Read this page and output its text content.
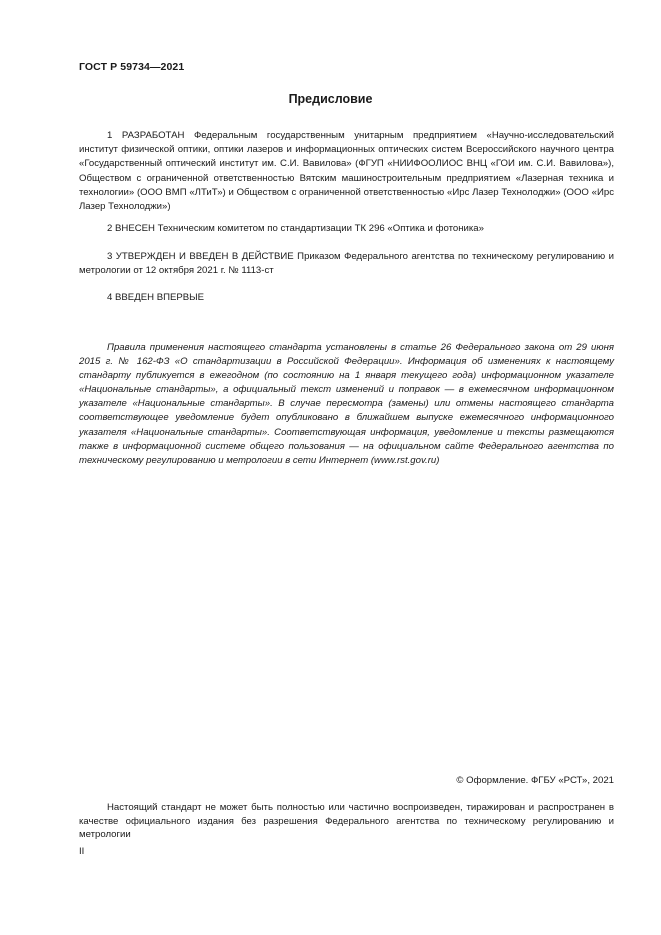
ГОСТ Р 59734—2021
Предисловие

1 РАЗРАБОТАН Федеральным государственным унитарным предприятием «Научно-исследовательский институт физической оптики, оптики лазеров и информационных оптических систем Всероссийского научного центра «Государственный оптический институт им. С.И. Вавилова» (ФГУП «НИИФООЛИОС ВНЦ «ГОИ им. С.И. Вавилова»), Обществом с ограниченной ответственностью Вятским машиностроительным предприятием «Лазерная техника и технологии» (ООО ВМП «ЛТиТ») и Обществом с ограниченной ответственностью «Ирс Лазер Технолоджи» (ООО «Ирс Лазер Технолоджи»)

2 ВНЕСЕН Техническим комитетом по стандартизации ТК 296 «Оптика и фотоника»

3 УТВЕРЖДЕН И ВВЕДЕН В ДЕЙСТВИЕ Приказом Федерального агентства по техническому регулированию и метрологии от 12 октября 2021 г. № 1113-ст

4 ВВЕДЕН ВПЕРВЫЕ

Правила применения настоящего стандарта установлены в статье 26 Федерального закона от 29 июня 2015 г. № 162-ФЗ «О стандартизации в Российской Федерации». Информация об изменениях к настоящему стандарту публикуется в ежегодном (по состоянию на 1 января текущего года) информационном указателе «Национальные стандарты», а официальный текст изменений и поправок — в ежемесячном информационном указателе «Национальные стандарты». В случае пересмотра (замены) или отмены настоящего стандарта соответствующее уведомление будет опубликовано в ближайшем выпуске ежемесячного информационного указателя «Национальные стандарты». Соответствующая информация, уведомление и тексты размещаются также в информационной системе общего пользования — на официальном сайте Федерального агентства по техническому регулированию и метрологии в сети Интернет (www.rst.gov.ru)

© Оформление. ФГБУ «РСТ», 2021

Настоящий стандарт не может быть полностью или частично воспроизведен, тиражирован и распространен в качестве официального издания без разрешения Федерального агентства по техническому регулированию и метрологии

II
